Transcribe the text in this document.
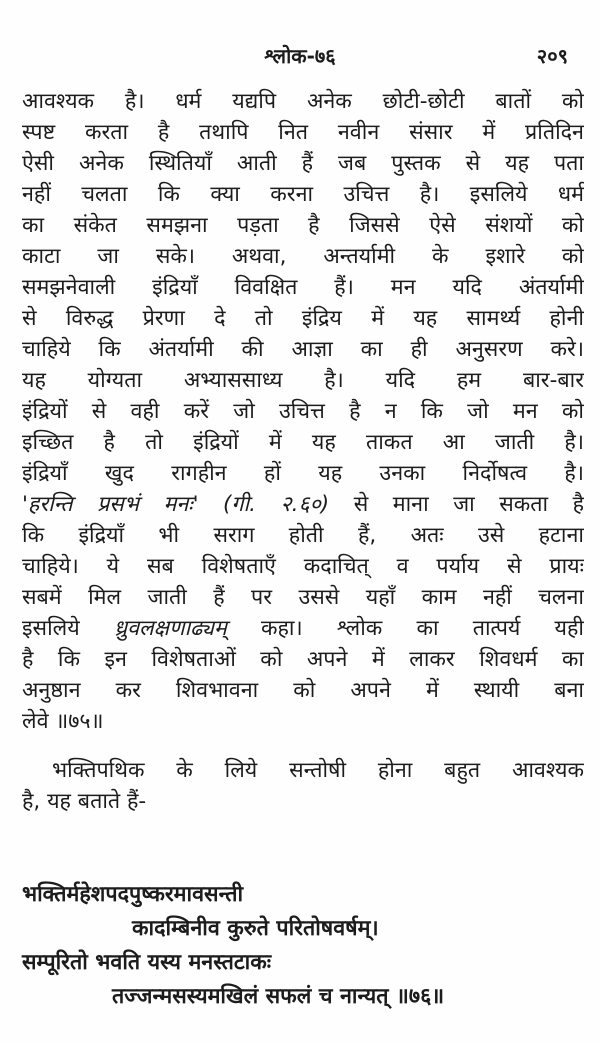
श्लोक-७६	२०९
आवश्यक है। धर्म यद्यपि अनेक छोटी-छोटी बातों को
स्पष्ट करता है तथापि नित नवीन संसार में प्रतिदिन
ऐसी अनेक स्थितियाँ आती हैं जब पुस्तक से यह पता
नहीं चलता कि क्या करना उचित्त है। इसलिये धर्म
का संकेत समझना पड़ता है जिससे ऐसे संशयों को
काटा जा सके। अथवा, अन्तर्यामी के इशारे को
समझनेवाली इंद्रियाँ विवक्षित हैं। मन यदि अंतर्यामी
से विरुद्ध प्रेरणा दे तो इंद्रिय में यह सामर्थ्य होनी
चाहिये कि अंतर्यामी की आज्ञा का ही अनुसरण करे।
यह योग्यता अभ्याससाध्य है। यदि हम बार-बार
इंद्रियों से वही करें जो उचित्त है न कि जो मन को
इच्छित है तो इंद्रियों में यह ताकत आ जाती है।
इंद्रियाँ खुद रागहीन हों यह उनका निर्दोषत्व है।
'हरन्ति प्रसभं मनः' (गी. २.६०) से माना जा सकता है
कि इंद्रियाँ भी सराग होती हैं, अतः उसे हटाना
चाहिये। ये सब विशेषताएँ कदाचित् व पर्याय से प्रायः
सबमें मिल जाती हैं पर उससे यहाँ काम नहीं चलना
इसलिये ध्रुवलक्षणाढ्यम् कहा। श्लोक का तात्पर्य यही
है कि इन विशेषताओं को अपने में लाकर शिवधर्म का
अनुष्ठान कर शिवभावना को अपने में स्थायी बना
लेवे ॥७५॥
भक्तिपथिक के लिये सन्तोषी होना बहुत आवश्यक
है, यह बताते हैं-
भक्तिर्महेशपदपुष्करमावसन्ती
कादम्बिनीव कुरुते परितोषवर्षम्।
सम्पूरितो भवति यस्य मनस्तटाकः
तज्जन्मसस्यमखिलं सफलं च नान्यत् ॥७६॥
